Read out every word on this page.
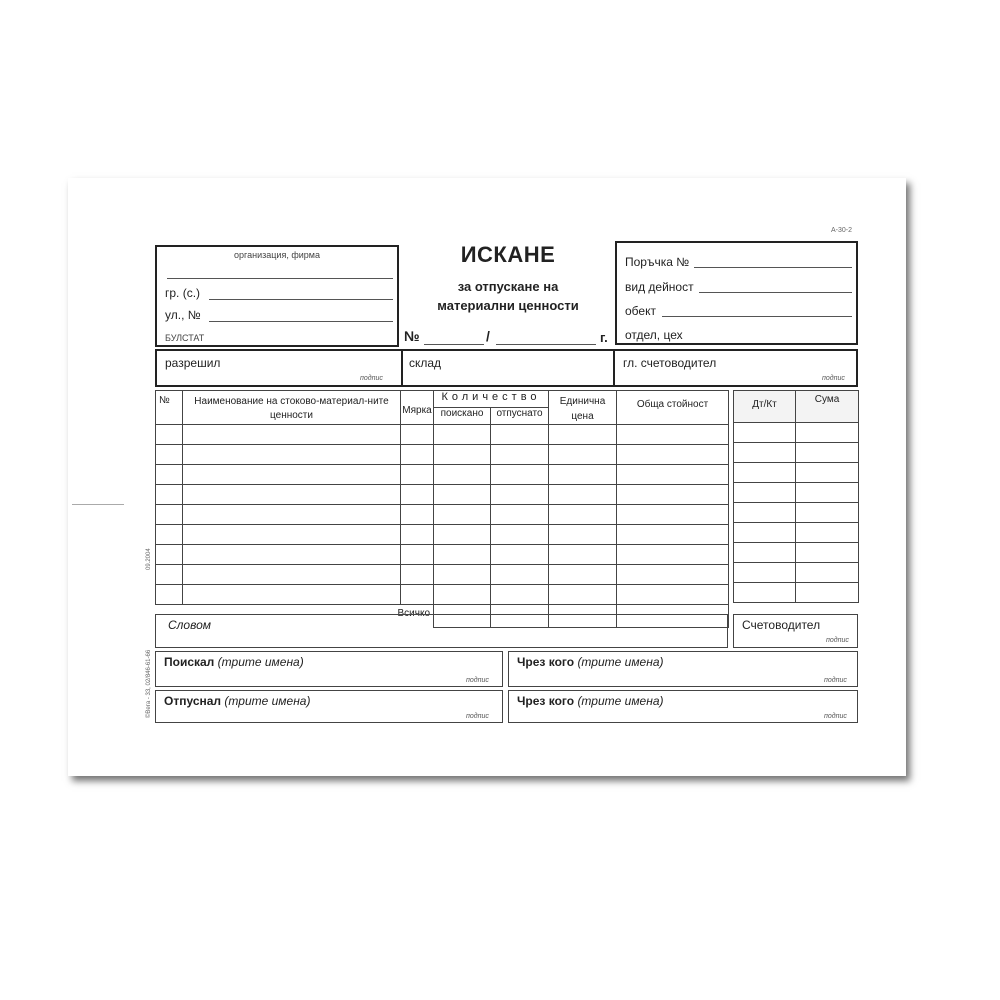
А-30-2
организация, фирма
гр. (с.)
ул., №
БУЛСТАТ
ИСКАНЕ
за отпускане на
материални ценности
№	/	г.
Поръчка №
вид дейност
обект
отдел, цех
разрешил
подпис
склад	гл. счетоводител
подпис
№	Наименование на стоково-материал-ните ценности	Мярка	Количество		Единична цена	Обща стойност
			поискано	отпуснато		

	Всичко					
Дт/Кт	Сума

Словом	Счетоводител
подпис
Поискал (трите имена)
подпис
Чрез кого (трите имена)
подпис
Отпуснал (трите имена)
подпис
Чрез кого (трите имена)
подпис
09.2004
©Вега - 33, 02/846-61-66
